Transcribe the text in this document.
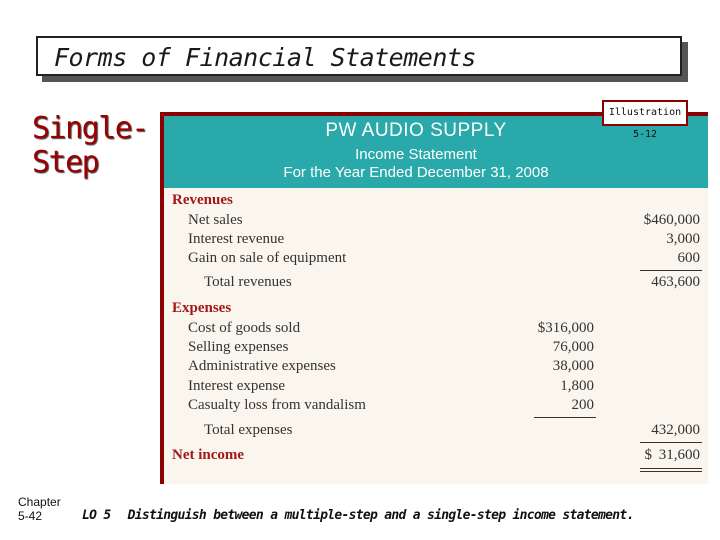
Forms of Financial Statements
Single-
Step
PW AUDIO SUPPLY
Income Statement
For the Year Ended December 31, 2008
Revenues
Net sales	$460,000
Interest revenue	3,000
Gain on sale of equipment	600
Total revenues	463,600
Expenses
Cost of goods sold	$316,000
Selling expenses	76,000
Administrative expenses	38,000
Interest expense	1,800
Casualty loss from vandalism	200
Total expenses	432,000
Net income	$ 31,600
Illustration 5-12
Chapter
5-42	LO 5 Distinguish between a multiple-step and a single-step income statement.
